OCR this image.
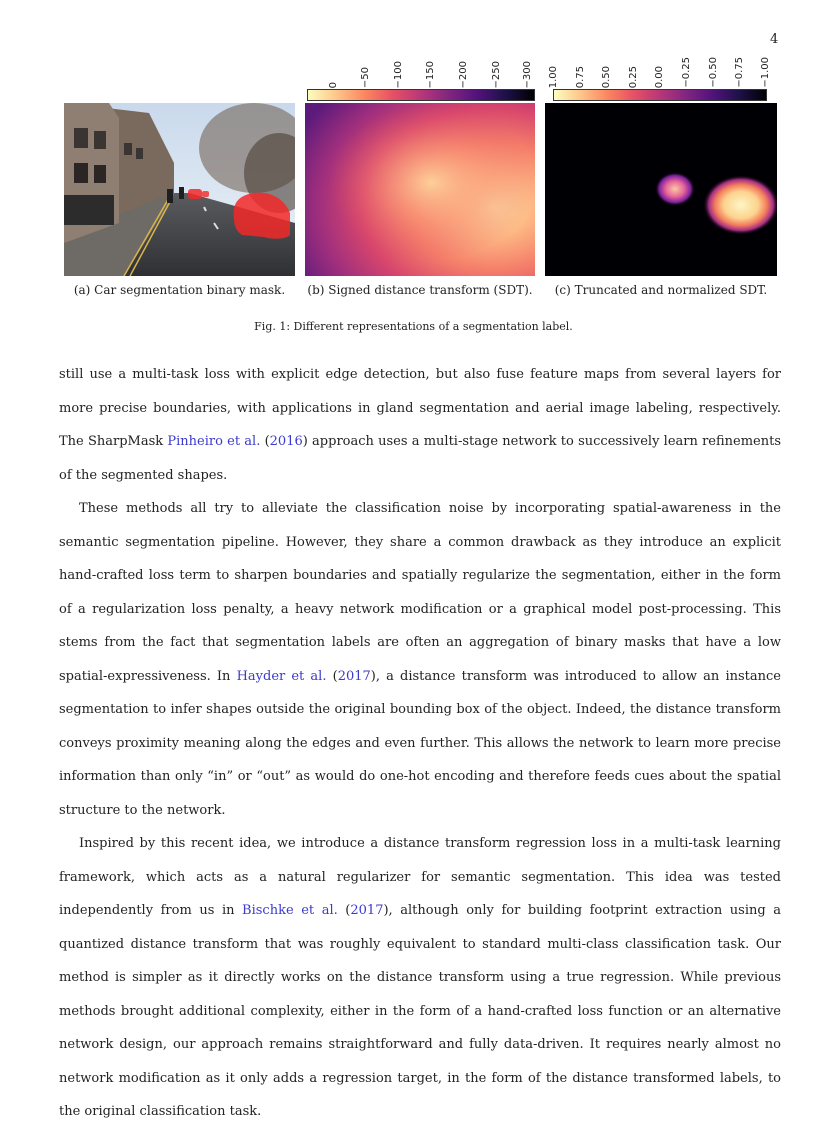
4
0 −50 −100 −150 −200 −250 −300 1.00 0.75 0.50 0.25 0.00 −0.25 −0.50 −0.75 −1.00
(a) Car segmentation binary mask.	(b) Signed distance transform (SDT).	(c) Truncated and normalized SDT.
Fig. 1: Different representations of a segmentation label.

still use a multi-task loss with explicit edge detection, but also fuse feature maps from several layers for more precise boundaries, with applications in gland segmentation and aerial image labeling, respectively. The SharpMask Pinheiro et al. (2016) approach uses a multi-stage network to successively learn refinements of the segmented shapes.

These methods all try to alleviate the classification noise by incorporating spatial-awareness in the semantic segmentation pipeline. However, they share a common drawback as they introduce an explicit hand-crafted loss term to sharpen boundaries and spatially regularize the segmentation, either in the form of a regularization loss penalty, a heavy network modification or a graphical model post-processing. This stems from the fact that segmentation labels are often an aggregation of binary masks that have a low spatial-expressiveness. In Hayder et al. (2017), a distance transform was introduced to allow an instance segmentation to infer shapes outside the original bounding box of the object. Indeed, the distance transform conveys proximity meaning along the edges and even further. This allows the network to learn more precise information than only “in” or “out” as would do one-hot encoding and therefore feeds cues about the spatial structure to the network.

Inspired by this recent idea, we introduce a distance transform regression loss in a multi-task learning framework, which acts as a natural regularizer for semantic segmentation. This idea was tested independently from us in Bischke et al. (2017), although only for building footprint extraction using a quantized distance transform that was roughly equivalent to standard multi-class classification task. Our method is simpler as it directly works on the distance transform using a true regression. While previous methods brought additional complexity, either in the form of a hand-crafted loss function or an alternative network design, our approach remains straightforward and fully data-driven. It requires nearly almost no network modification as it only adds a regression target, in the form of the distance transformed labels, to the original classification task.
